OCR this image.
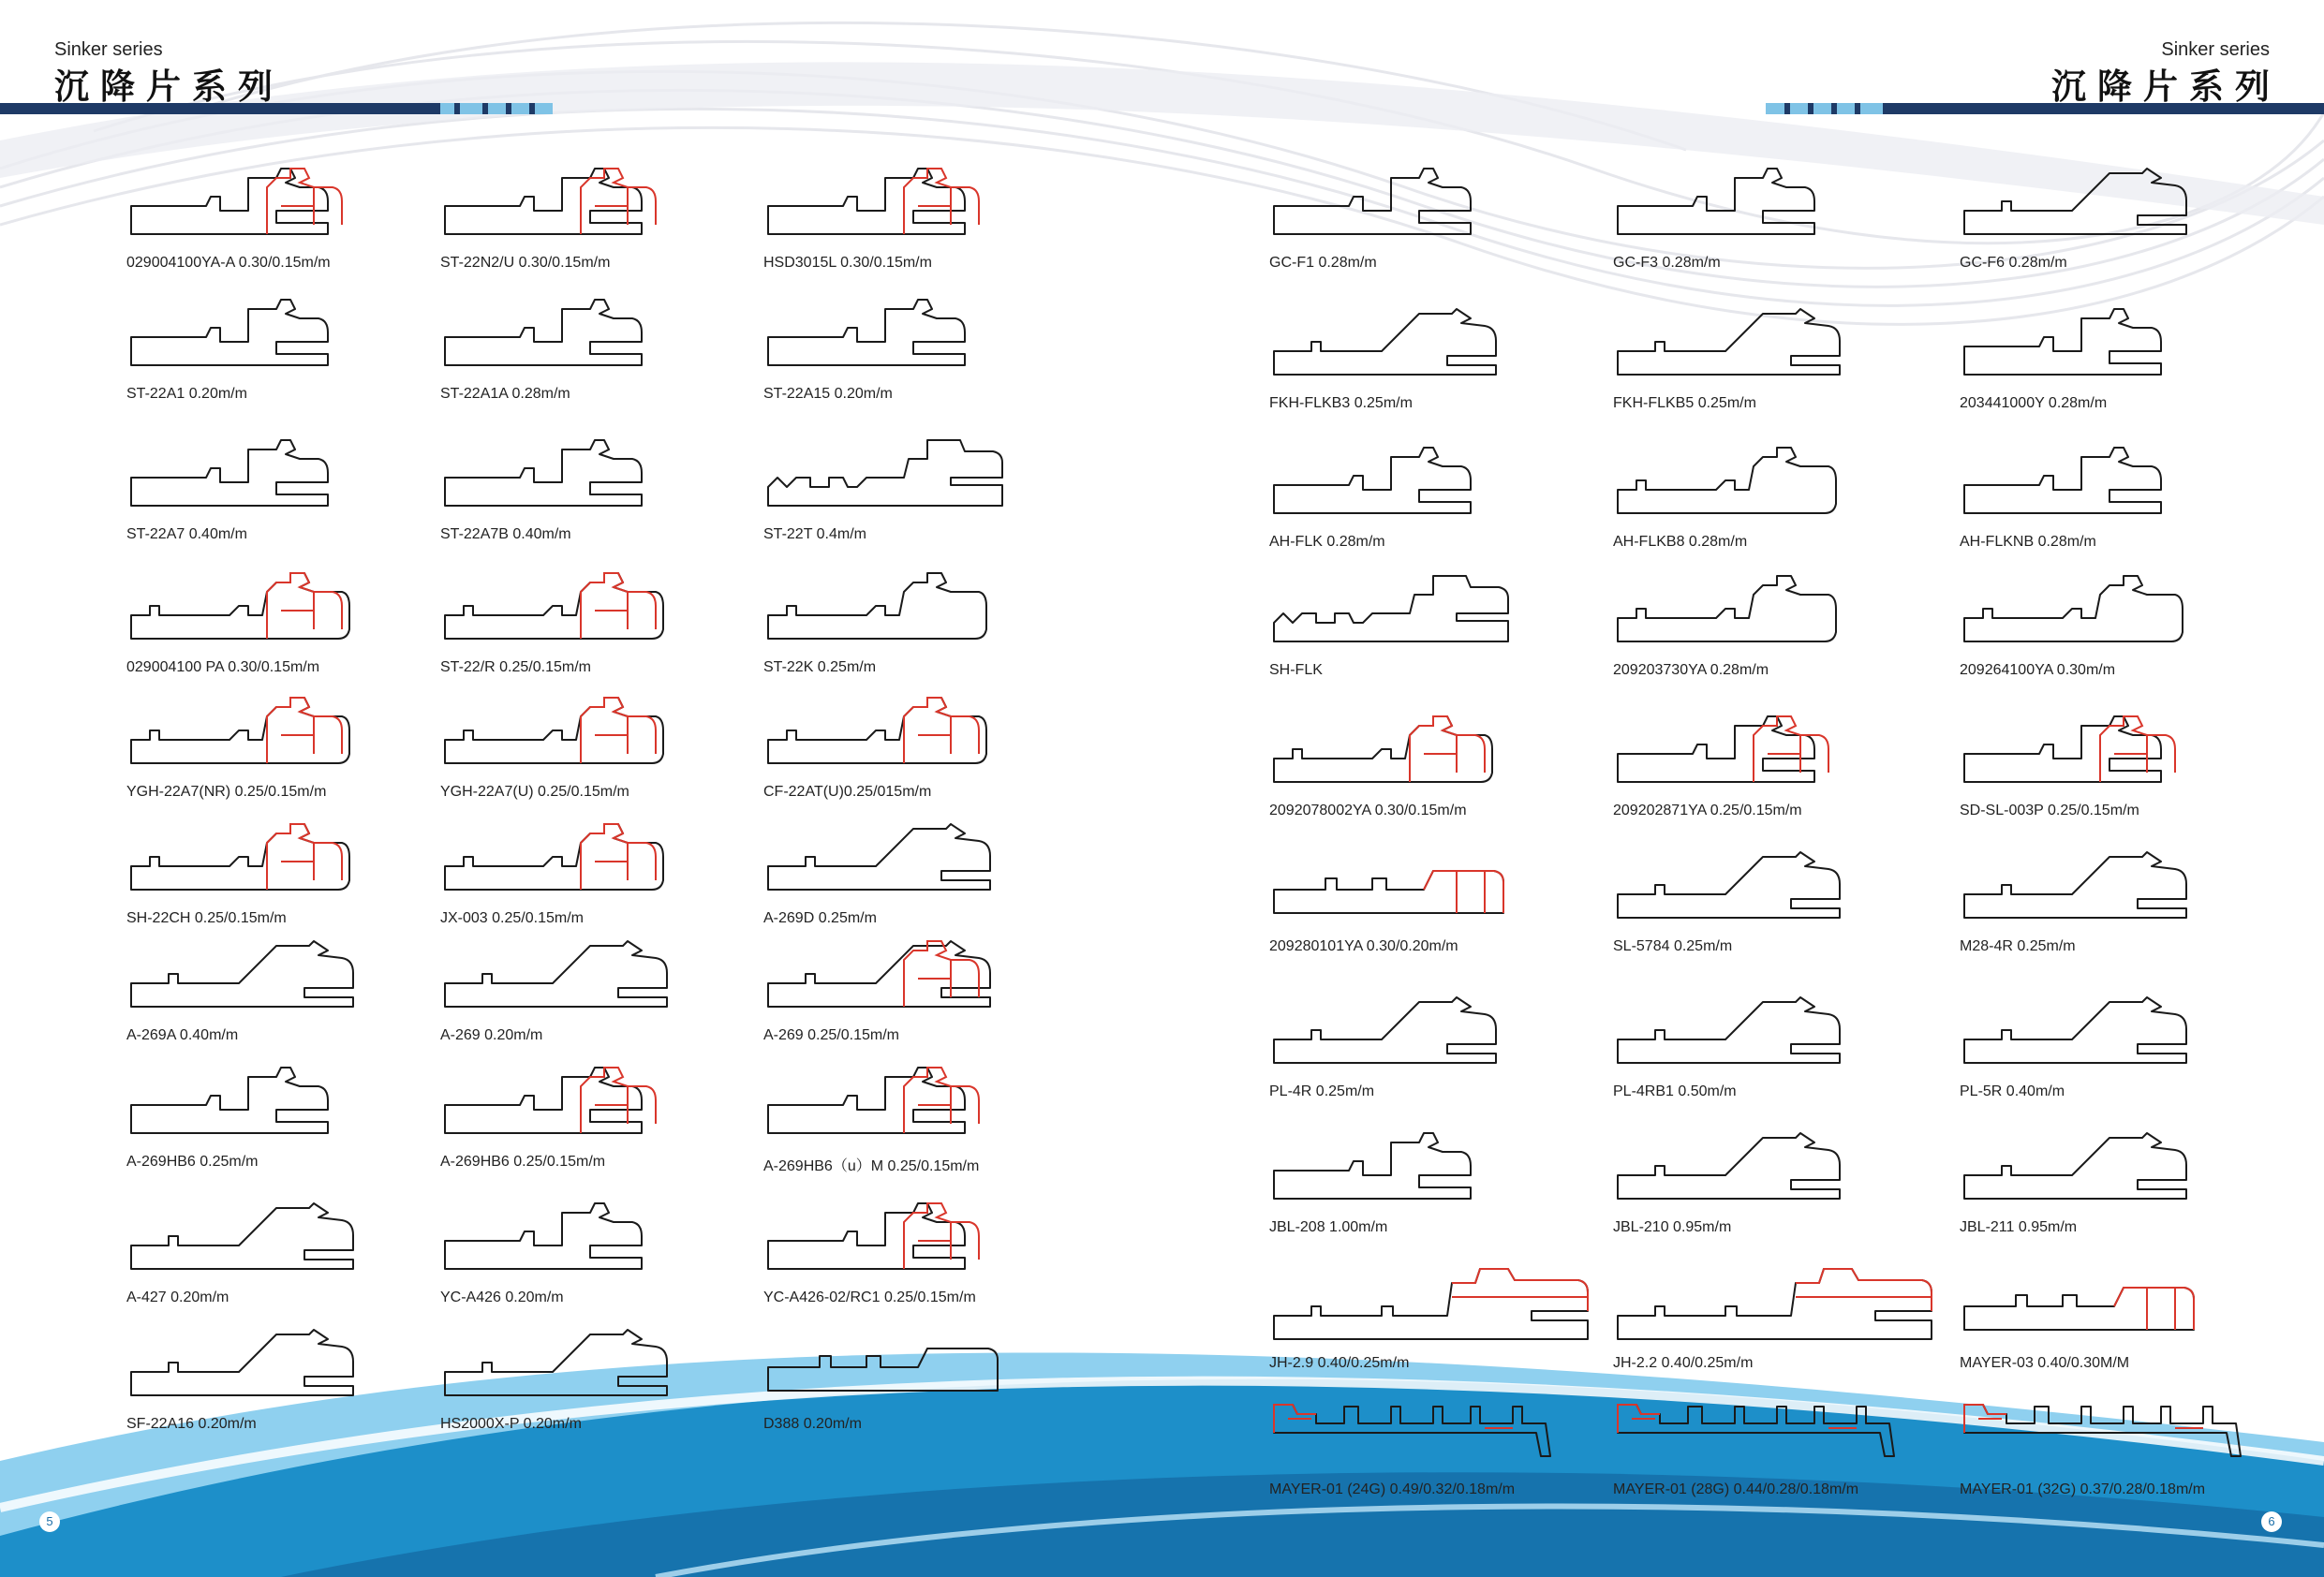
Sinker series
沉降片系列
Sinker series
沉降片系列
5	6
029004100YA-A 0.30/0.15m/m	ST-22N2/U 0.30/0.15m/m	HSD3015L 0.30/0.15m/m
ST-22A1 0.20m/m	ST-22A1A 0.28m/m	ST-22A15 0.20m/m
ST-22A7 0.40m/m	ST-22A7B 0.40m/m	ST-22T 0.4m/m
029004100 PA 0.30/0.15m/m	ST-22/R 0.25/0.15m/m	ST-22K 0.25m/m
YGH-22A7(NR) 0.25/0.15m/m	YGH-22A7(U) 0.25/0.15m/m	CF-22AT(U)0.25/015m/m
SH-22CH 0.25/0.15m/m	JX-003 0.25/0.15m/m	A-269D 0.25m/m
A-269A 0.40m/m	A-269 0.20m/m	A-269 0.25/0.15m/m
A-269HB6 0.25m/m	A-269HB6 0.25/0.15m/m	A-269HB6（u）M 0.25/0.15m/m
A-427 0.20m/m	YC-A426 0.20m/m	YC-A426-02/RC1 0.25/0.15m/m
SF-22A16 0.20m/m	HS2000X-P 0.20m/m	D388 0.20m/m
GC-F1 0.28m/m	GC-F3 0.28m/m	GC-F6 0.28m/m
FKH-FLKB3 0.25m/m	FKH-FLKB5 0.25m/m	203441000Y 0.28m/m
AH-FLK 0.28m/m	AH-FLKB8 0.28m/m	AH-FLKNB 0.28m/m
SH-FLK	209203730YA 0.28m/m	209264100YA 0.30m/m
2092078002YA 0.30/0.15m/m	209202871YA 0.25/0.15m/m	SD-SL-003P 0.25/0.15m/m
209280101YA 0.30/0.20m/m	SL-5784 0.25m/m	M28-4R 0.25m/m
PL-4R 0.25m/m	PL-4RB1 0.50m/m	PL-5R 0.40m/m
JBL-208 1.00m/m	JBL-210 0.95m/m	JBL-211 0.95m/m
JH-2.9 0.40/0.25m/m	JH-2.2 0.40/0.25m/m	MAYER-03 0.40/0.30M/M
MAYER-01 (24G) 0.49/0.32/0.18m/m	MAYER-01 (28G) 0.44/0.28/0.18m/m	MAYER-01 (32G) 0.37/0.28/0.18m/m
